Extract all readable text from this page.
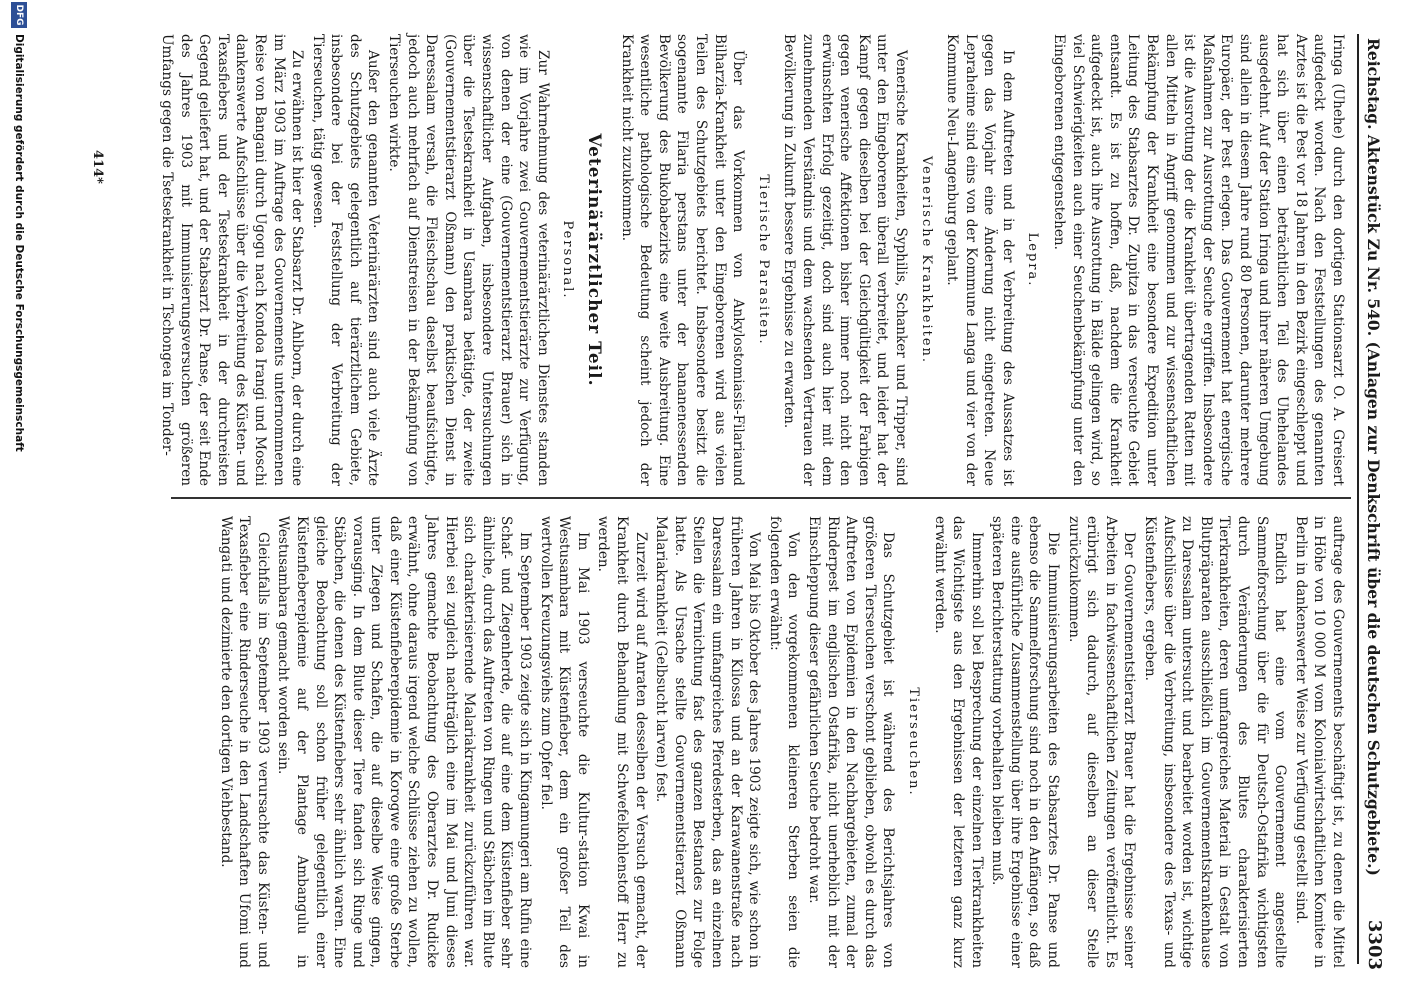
Reichstag. Aktenstück Zu Nr. 540. (Anlagen zur Denkschrift über die deutschen Schutzgebiete.)
3303

Iringa (Uhehe) durch den dortigen Stationsarzt O. A. Greisert aufgedeckt worden. Nach den Feststellungen des genannten Arztes ist die Pest vor 18 Jahren in den Bezirk eingeschleppt und hat sich über einen beträchtlichen Teil des Uhehelandes ausgedehnt. Auf der Station Iringa und ihrer näheren Umgebung sind allein in diesem Jahre rund 80 Personen, darunter mehrere Europäer, der Pest erlegen. Das Gouvernement hat energische Maßnahmen zur Ausrottung der Seuche ergriffen. Insbesondere ist die Ausrottung der die Krankheit übertragenden Ratten mit allen Mitteln in Angriff genommen und zur wissenschaftlichen Bekämpfung der Krankheit eine besondere Expedition unter Leitung des Stabsarztes Dr. Zupitza in das verseuchte Gebiet entsandt. Es ist zu hoffen, daß, nachdem die Krankheit aufgedeckt ist, auch ihre Ausrottung in Bälde gelingen wird, so viel Schwierigkeiten auch einer Seuchenbekämpfung unter den Eingeborenen entgegenstehen.

Lepra.

In dem Auftreten und in der Verbreitung des Aussatzes ist gegen das Vorjahr eine Änderung nicht eingetreten. Neue Lepraheime sind eins von der Kommune Langa und vier von der Kommune Neu-Langenburg geplant.

Venerische Krankheiten.

Venerische Krankheiten, Syphilis, Schanker und Tripper, sind unter den Eingeborenen überall verbreitet, und leider hat der Kampf gegen dieselben bei der Gleichgültigkeit der Farbigen gegen venerische Affektionen bisher immer noch nicht den erwünschten Erfolg gezeitigt, doch sind auch hier mit dem zunehmenden Verständnis und dem wachsenden Vertrauen der Bevölkerung in Zukunft bessere Ergebnisse zu erwarten.

Tierische Parasiten.

Über das Vorkommen von Ankylostomiasis-Filariaund Bilharzia-Krankheit unter den Eingeborenen wird aus vielen Teilen des Schutzgebiets berichtet. Insbesondere besitzt die sogenannte Filaria perstans unter der bananenessenden Bevölkerung des Bukobabezirks eine weite Ausbreitung. Eine wesentliche pathologische Bedeutung scheint jedoch der Krankheit nicht zuzukommen.

Veterinärärztlicher Teil.

Personal.

Zur Wahrnehmung des veterinärärztlichen Dienstes standen wie im Vorjahre zwei Gouvernementstierärzte zur Verfügung, von denen der eine (Gouvernementstierarzt Brauer) sich in wissenschaftlicher Aufgaben, insbesondere Untersuchungen über die Tsetsekrankheit in Usambara betätigte, der zweite (Gouvernementstierarzt Oßmann) den praktischen Dienst in Daressalam versah, die Fleischschau daselbst beaufsichtigte, jedoch auch mehrfach auf Dienstreisen in der Bekämpfung von Tierseuchen wirkte.

Außer den genannten Veterinärärzten sind auch viele Ärzte des Schutzgebiets gelegentlich auf tierärztlichem Gebiete, insbesondere bei der Feststellung der Verbreitung der Tierseuchen, tätig gewesen.

Zu erwähnen ist hier der Stabsarzt Dr. Ahlborn, der durch eine im März 1903 im Auftrage des Gouvernements unternommenen Reise von Bangani durch Ugogu nach Kondoa Irangi und Moschi dankenswerte Aufschlüsse über die Verbreitung des Küsten- und Texasfiebers und der Tsetsekrankheit in der durchreisten Gegend geliefert hat, und der Stabsarzt Dr. Panse, der seit Ende des Jahres 1903 mit Immunisierungsversuchen größeren Umfangs gegen die Tsetsekrankheit in Tschongea im Tonder-

auftrage des Gouvernements beschäftigt ist, zu denen die Mittel in Höhe von 10 000 M vom Kolonialwirtschaftlichen Komitee in Berlin in dankenswerter Weise zur Verfügung gestellt sind.

Endlich hat eine vom Gouvernement angestellte Sammelforschung über die für Deutsch-Ostafrika wichtigsten durch Veränderungen des Blutes charakterisierten Tierkrankheiten, deren umfangreiches Material in Gestalt von Blutpräparaten ausschließlich im Gouvernementskrankenhause zu Daressalam untersucht und bearbeitet worden ist, wichtige Aufschlüsse über die Verbreitung, insbesondere des Texas- und Küstenfiebers, ergeben.

Der Gouvernementstierarzt Brauer hat die Ergebnisse seiner Arbeiten in fachwissenschaftlichen Zeitungen veröffentlicht. Es erübrigt sich dadurch, auf dieselben an dieser Stelle zurückzukommen.

Die Immunisierungsarbeiten des Stabsarztes Dr. Panse und ebenso die Sammelforschung sind noch in den Anfängen, so daß eine ausführliche Zusammenstellung über ihre Ergebnisse einer späteren Berichterstattung vorbehalten bleiben muß.

Immerhin soll bei Besprechung der einzelnen Tierkrankheiten das Wichtigste aus den Ergebnissen der letzteren ganz kurz erwähnt werden.

Tierseuchen.

Das Schutzgebiet ist während des Berichtsjahres von größeren Tierseuchen verschont geblieben, obwohl es durch das Auftreten von Epidemien in den Nachbargebieten, zumal der Rinderpest im englischen Ostafrika, nicht unerheblich mit der Einschleppung dieser gefährlichen Seuche bedroht war.

Von den vorgekommenen kleineren Sterben seien die folgenden erwähnt:

Von Mai bis Oktober des Jahres 1903 zeigte sich, wie schon in früheren Jahren in Kilossa und an der Karawanenstraße nach Daressalam ein umfangreiches Pferdesterben, das an einzelnen Stellen die Vernichtung fast des ganzen Bestandes zur Folge hatte. Als Ursache stellte Gouvernementstierarzt Oßmann Malariakrankheit (Gelbsucht larven) fest.

Zurzeit wird auf Anraten desselben der Versuch gemacht, der Krankheit durch Behandlung mit Schwefelkohlenstoff Herr zu werden.

Im Mai 1903 verseuchte die Kultur-station Kwai in Westusambara mit Küstenfieber, dem ein großer Teil des wertvollen Kreuzungsviehs zum Opfer fiel.

Im September 1903 zeigte sich in Kingamungeri am Rufiu eine Schaf- und Ziegenherde, die auf eine dem Küstenfieber sehr ähnliche, durch das Auftreten von Ringen und Stäbchen im Blute sich charakterisierende Malariakrankheit zurückzuführen war. Hierbei sei zugleich nachträglich eine im Mai und Juni dieses Jahres gemachte Beobachtung des Oberarztes Dr. Rudicke erwähnt, ohne daraus irgend welche Schlüsse ziehen zu wollen, daß einer Küstenfieberepidemie in Korogwe eine große Sterbe unter Ziegen und Schafen, die auf dieselbe Weise gingen, vorausging. In dem Blute dieser Tiere fanden sich Ringe und Stäbchen, die denen des Küstenfiebers sehr ähnlich waren. Eine gleiche Beobachtung soll schon früher gelegentlich einer Küstenfieberepidemie auf der Plantage Ambangulu in Westusambara gemacht worden sein.

Gleichfalls im September 1903 verursachte das Küsten- und Texasfieber eine Rinderseuche in den Landschaften Ufomi und Wangati und dezimierte den dortigen Viehbestand.

414*
DFG
Digitalisierung gefördert durch die Deutsche Forschungsgemeinschaft
